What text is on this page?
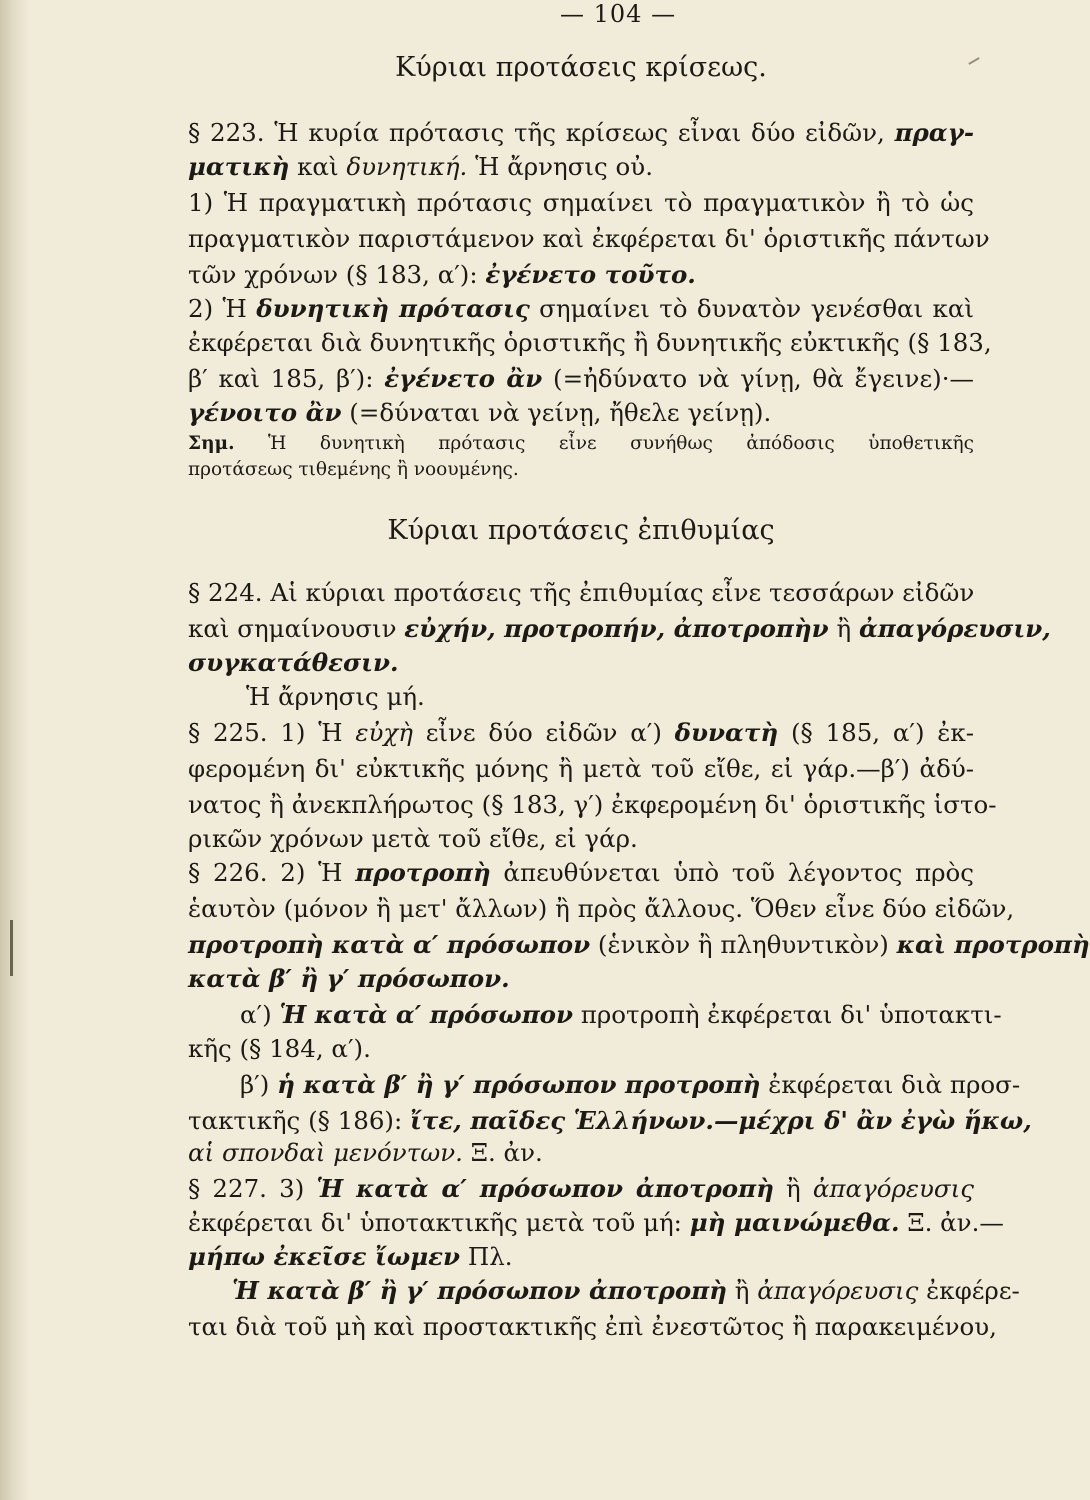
— 104 —
Κύριαι προτάσεις κρίσεως.
§ 223. Ἡ κυρία πρότασις τῆς κρίσεως εἶναι δύο εἰδῶν, πραγ-
ματικὴ καὶ δυνητική. Ἡ ἄρνησις οὐ.
1) Ἡ πραγματικὴ πρότασις σημαίνει τὸ πραγματικὸν ἢ τὸ ὡς
πραγματικὸν παριστάμενον καὶ ἐκφέρεται δι' ὁριστικῆς πάντων
τῶν χρόνων (§ 183, α′): ἐγένετο τοῦτο.
2) Ἡ δυνητικὴ πρότασις σημαίνει τὸ δυνατὸν γενέσθαι καὶ
ἐκφέρεται διὰ δυνητικῆς ὁριστικῆς ἢ δυνητικῆς εὐκτικῆς (§ 183,
β′ καὶ 185, β′): ἐγένετο ἂν (=ἠδύνατο νὰ γίνῃ, θὰ ἔγεινε)·—
γένοιτο ἂν (=δύναται νὰ γείνῃ, ἤθελε γείνῃ).
Σημ. Ἡ δυνητικὴ πρότασις εἶνε συνήθως ἀπόδοσις ὑποθετικῆς
προτάσεως τιθεμένης ἢ νοουμένης.
Κύριαι προτάσεις ἐπιθυμίας
§ 224. Αἱ κύριαι προτάσεις τῆς ἐπιθυμίας εἶνε τεσσάρων εἰδῶν
καὶ σημαίνουσιν εὐχήν, προτροπήν, ἀποτροπὴν ἢ ἀπαγόρευσιν,
συγκατάθεσιν.
Ἡ ἄρνησις μή.
§ 225. 1) Ἡ εὐχὴ εἶνε δύο εἰδῶν α′) δυνατὴ (§ 185, α′) ἐκ-
φερομένη δι' εὐκτικῆς μόνης ἢ μετὰ τοῦ εἴθε, εἰ γάρ.—β′) ἀδύ-
νατος ἢ ἀνεκπλήρωτος (§ 183, γ′) ἐκφερομένη δι' ὁριστικῆς ἱστο-
ρικῶν χρόνων μετὰ τοῦ εἴθε, εἰ γάρ.
§ 226. 2) Ἡ προτροπὴ ἀπευθύνεται ὑπὸ τοῦ λέγοντος πρὸς
ἑαυτὸν (μόνον ἢ μετ' ἄλλων) ἢ πρὸς ἄλλους. Ὅθεν εἶνε δύο εἰδῶν,
προτροπὴ κατὰ α′ πρόσωπον (ἑνικὸν ἢ πληθυντικὸν) καὶ προτροπὴ
κατὰ β′ ἢ γ′ πρόσωπον.
α′) Ἡ κατὰ α′ πρόσωπον προτροπὴ ἐκφέρεται δι' ὑποτακτι-
κῆς (§ 184, α′).
β′) ἡ κατὰ β′ ἢ γ′ πρόσωπον προτροπὴ ἐκφέρεται διὰ προσ-
τακτικῆς (§ 186): ἴτε, παῖδες Ἑλλήνων.—μέχρι δ' ἂν ἐγὼ ἥκω,
αἱ σπονδαὶ μενόντων. Ξ. ἀν.
§ 227. 3) Ἡ κατὰ α′ πρόσωπον ἀποτροπὴ ἢ ἀπαγόρευσις
ἐκφέρεται δι' ὑποτακτικῆς μετὰ τοῦ μή: μὴ μαινώμεθα. Ξ. ἀν.—
μήπω ἐκεῖσε ἴωμεν Πλ.
Ἡ κατὰ β′ ἢ γ′ πρόσωπον ἀποτροπὴ ἢ ἀπαγόρευσις ἐκφέρε-
ται διὰ τοῦ μὴ καὶ προστακτικῆς ἐπὶ ἐνεστῶτος ἢ παρακειμένου,
